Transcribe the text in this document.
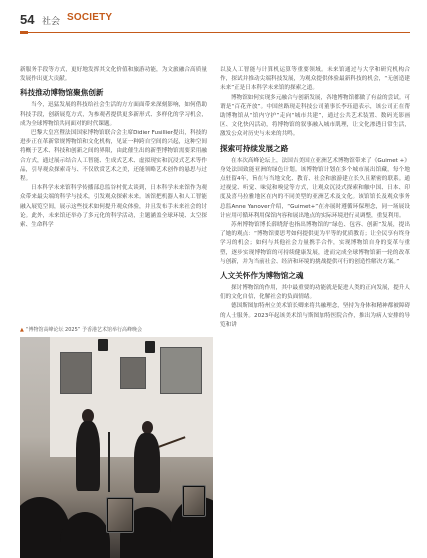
54 社会 SOCIETY

新服务手段等方式，更好地发挥其文化价值和旅游功能，为文旅融合高质量发展作出更大贡献。

科技推动博物馆聚焦创新

当今，迅猛发展的科技给社会生活的方方面面带来深刻影响，如何借助科技手段，创新展览方式，为参观者提供更多新形式、多样化的学习机会，成为全球博物馆共同面对的时代课题。

巴黎大皇宫暨法国国家博物馆联合会主席Didier Fusillier提出，科技的进步正在革新常规博物馆和文化机构，见证一种跨自空间的兴起，这种空间将概于艺术、科技和创新之间的界限，由此催生出的新型博物馆需要采用融合方式，通过展示结合人工智能、生成式艺术、虚拟现实和沉浸式艺术等作品，引导观众探索奇与、不仅欣赏艺术之美，还能领略艺术创作的悬思与过程。

日本科学未来馆科学传播部总监谷村优太谈到，日本科学未来馆作为观众带来最尖端的科学与技术，引发观众探索未来。该馆把机器人和人工智能融入展览空间，展示这些技术如何提升观众体验，并且发布手未来社会的讨论。此外，未来馆还举办了多元化的科学活动，主题涵盖全球环境、太空探索、生命科学

▲ “博物馆高峰论坛 2025” 予香港艺术馆举行高峰晚会

以及人工智能与计算机运算等重要领域。未来馆通过与大学和研究机构合作，探试并推动尖端科技发展，为观众提供体验最新科技的机会，“无创造建未来”正是日本科学未来馆的探索之道。

博物馆如何实现多元融合与创新发展，各地博物馆都做了有益的尝试。可谓是“百花齐放”。中国丝路现走科技公司董事长李珏遗表示，该公司正在帮助博物馆从“馆内守护”走向“城市共建”，通过公共艺术装置、数码光影画区、文化快闪活动，将博物馆的叙事融入城市肌理，让文化渗透日常生活，激发公众对历史与未来的共鸣。

探索可持续发展之路

在本次高峰论坛上，法国吉美国立亚洲艺术博物馆带来了《Guimet +》身处法国致能亚洲的绿色计划。该博物馆计划在多个城市展出馆藏，每个地点驻留4年，旨在与当地文化、教育、社会和旅游建立长久且紧密的联系。通过视觉、听觉、味觉和嗅觉等方式，让观众沉浸式探索和触中国、日本、印度及喜马拉雅地区在内的不同美型的亚洲艺术及文化。该馆馆长及观众事务总监Anne Yanover介绍，“Guimet+”在亦展时遵循环保理念，同一场展设计应用可循环利用保馆内容和展出地点的实际环境进行灵调整，重复利用。

苏州博物馆博长薛晓舒也指出博物馆的“绿色、包容、创新”发展，提出了她的观点：“博物馆要思考如何提供更为平等的优质教育；让全民享有终身学习的机会；如何与其他社会力量携手合作，实现博物馆自身的变革与重塑，逐步实现博物馆的可持续健康发展，进而完成全球博物馆新一轮的改革与创新，并为当前社会、经济和环境的挑战提供可行的创造性解决方案。”

人文关怀作为博物馆之魂

探讨博物馆的作用，其中最重要的功能就是促进人类的正向发展，提升人们的文化自信，化解社会的负面情绪。

德国斯图加特州立美术馆长卿来将共融理念，坚持为身体和精神都被障碍的人士服务。2023年起该美术馆与斯图加特医院合作，推出为病人安排的导览和讲
